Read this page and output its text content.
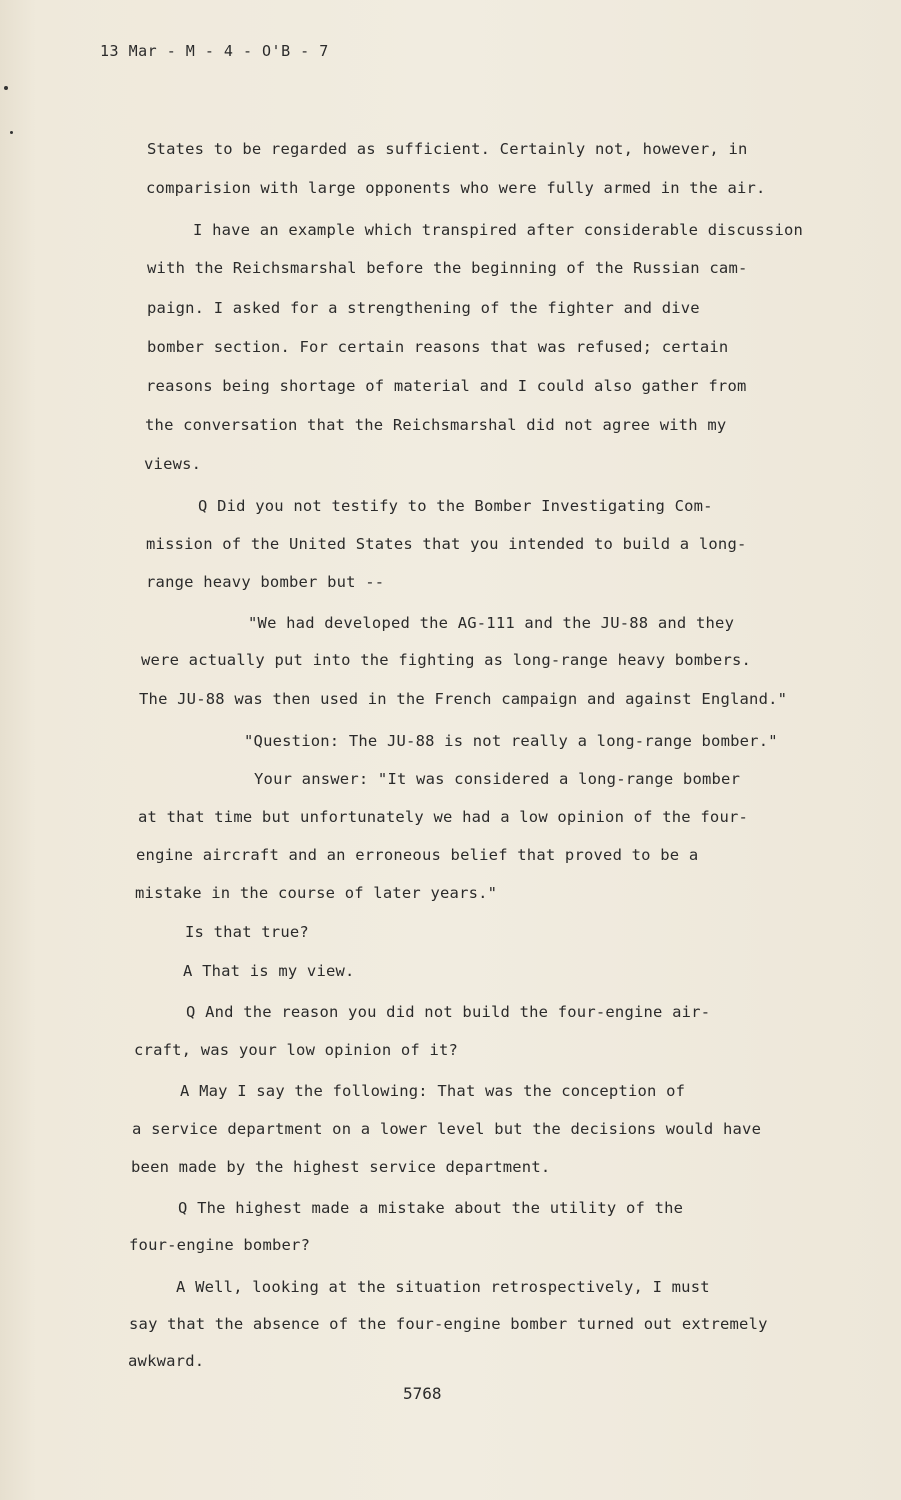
13 Mar - M - 4 - O'B - 7
States to be regarded as sufficient. Certainly not, however, in
comparision with large opponents who were fully armed in the air.
I have an example which transpired after considerable discussion
with the Reichsmarshal before the beginning of the Russian cam-
paign. I asked for a strengthening of the fighter and dive
bomber section. For certain reasons that was refused; certain
reasons being shortage of material and I could also gather from
the conversation that the Reichsmarshal did not agree with my
views.
Q Did you not testify to the Bomber Investigating Com-
mission of the United States that you intended to build a long-
range heavy bomber but --
"We had developed the AG-111 and the JU-88 and they
were actually put into the fighting as long-range heavy bombers.
The JU-88 was then used in the French campaign and against England."
"Question: The JU-88 is not really a long-range bomber."
Your answer: "It was considered a long-range bomber
at that time but unfortunately we had a low opinion of the four-
engine aircraft and an erroneous belief that proved to be a
mistake in the course of later years."
Is that true?
A That is my view.
Q And the reason you did not build the four-engine air-
craft, was your low opinion of it?
A May I say the following: That was the conception of
a service department on a lower level but the decisions would have
been made by the highest service department.
Q The highest made a mistake about the utility of the
four-engine bomber?
A Well, looking at the situation retrospectively, I must
say that the absence of the four-engine bomber turned out extremely
awkward.
5768
